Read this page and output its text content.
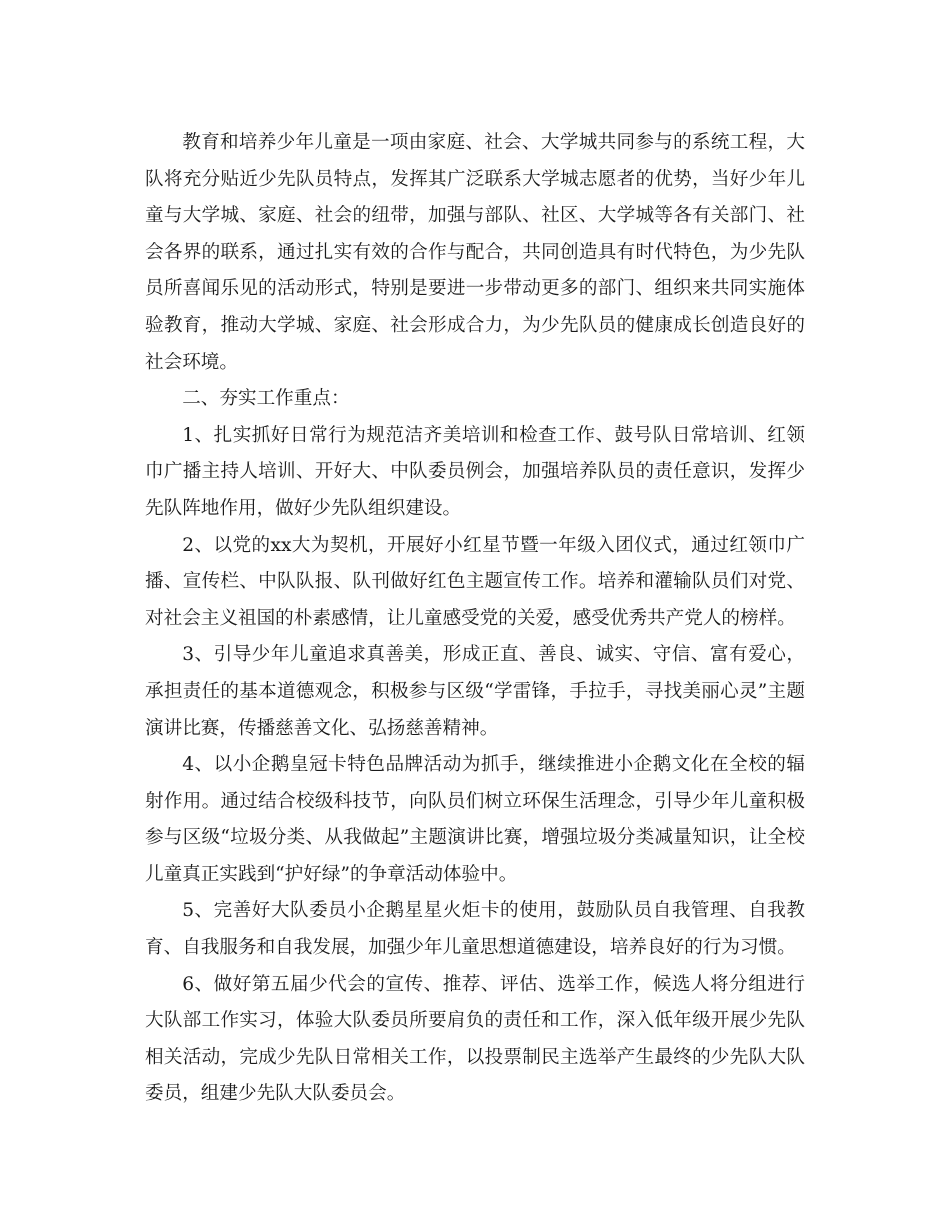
教育和培养少年儿童是一项由家庭、社会、大学城共同参与的系统工程，大队将充分贴近少先队员特点，发挥其广泛联系大学城志愿者的优势，当好少年儿童与大学城、家庭、社会的纽带，加强与部队、社区、大学城等各有关部门、社会各界的联系，通过扎实有效的合作与配合，共同创造具有时代特色，为少先队员所喜闻乐见的活动形式，特别是要进一步带动更多的部门、组织来共同实施体验教育，推动大学城、家庭、社会形成合力，为少先队员的健康成长创造良好的社会环境。

二、夯实工作重点：

1、扎实抓好日常行为规范洁齐美培训和检查工作、鼓号队日常培训、红领巾广播主持人培训、开好大、中队委员例会，加强培养队员的责任意识，发挥少先队阵地作用，做好少先队组织建设。

2、以党的xx大为契机，开展好小红星节暨一年级入团仪式，通过红领巾广播、宣传栏、中队队报、队刊做好红色主题宣传工作。培养和灌输队员们对党、对社会主义祖国的朴素感情，让儿童感受党的关爱，感受优秀共产党人的榜样。

3、引导少年儿童追求真善美，形成正直、善良、诚实、守信、富有爱心，承担责任的基本道德观念，积极参与区级“学雷锋，手拉手，寻找美丽心灵”主题演讲比赛，传播慈善文化、弘扬慈善精神。

4、以小企鹅皇冠卡特色品牌活动为抓手，继续推进小企鹅文化在全校的辐射作用。通过结合校级科技节，向队员们树立环保生活理念，引导少年儿童积极参与区级“垃圾分类、从我做起”主题演讲比赛，增强垃圾分类减量知识，让全校儿童真正实践到“护好绿”的争章活动体验中。

5、完善好大队委员小企鹅星星火炬卡的使用，鼓励队员自我管理、自我教育、自我服务和自我发展，加强少年儿童思想道德建设，培养良好的行为习惯。

6、做好第五届少代会的宣传、推荐、评估、选举工作，候选人将分组进行大队部工作实习，体验大队委员所要肩负的责任和工作，深入低年级开展少先队相关活动，完成少先队日常相关工作，以投票制民主选举产生最终的少先队大队委员，组建少先队大队委员会。
